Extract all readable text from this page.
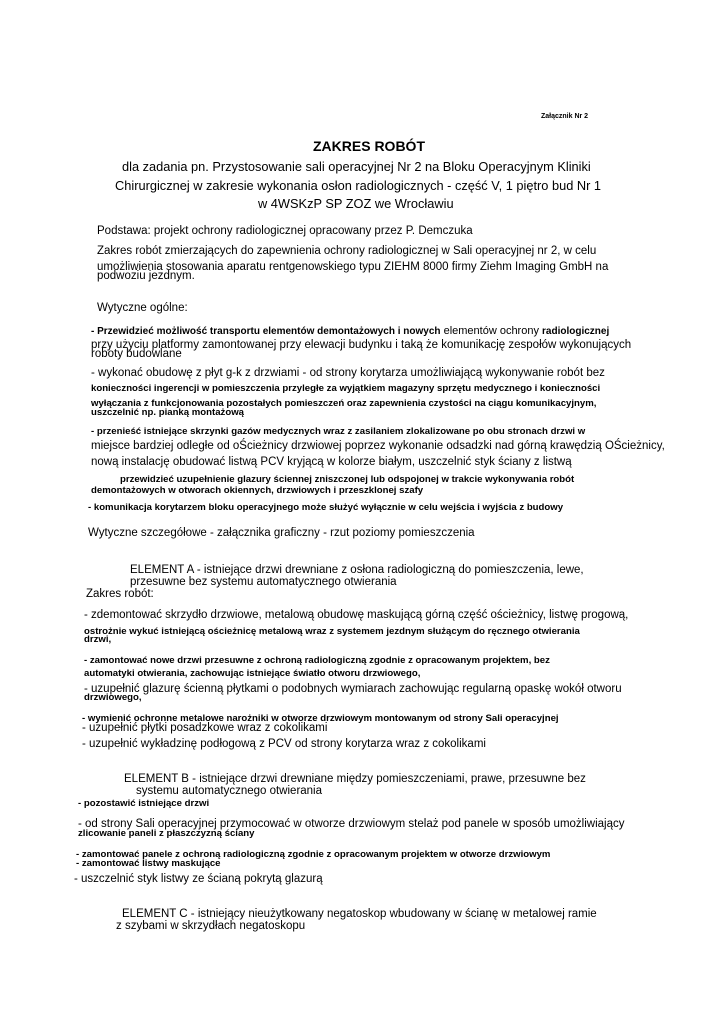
Załącznik Nr 2
ZAKRES ROBÓT
dla zadania pn. Przystosowanie sali operacyjnej Nr 2 na Bloku Operacyjnym Kliniki
Chirurgicznej w zakresie wykonania osłon radiologicznych - część V, 1 piętro bud Nr 1
w 4WSKzP SP ZOZ we Wrocławiu
Podstawa: projekt ochrony radiologicznej opracowany przez P. Demczuka
Zakres robót zmierzających do zapewnienia ochrony radiologicznej w Sali operacyjnej nr 2, w celu
umożliwienia stosowania aparatu rentgenowskiego typu ZIEHM 8000 firmy Ziehm Imaging GmbH na
podwoziu jezdnym.
Wytyczne ogólne:
- Przewidzieć możliwość transportu elementów demontażowych i nowych elementów ochrony radiologicznej
przy użyciu platformy zamontowanej przy elewacji budynku i taką że komunikację zespołów wykonujących
roboty budowlane
- wykonać obudowę z płyt g-k z drzwiami - od strony korytarza umożliwiającą wykonywanie robót bez
konieczności ingerencji w pomieszczenia przyległe za wyjątkiem magazyny sprzętu medycznego i konieczności
wyłączania z funkcjonowania pozostałych pomieszczeń oraz zapewnienia czystości na ciągu komunikacyjnym,
uszczelnić np. pianką montażową
- przenieść istniejące skrzynki gazów medycznych wraz z zasilaniem zlokalizowane po obu stronach drzwi w
miejsce bardziej odległe od oŚcieżnicy drzwiowej poprzez wykonanie odsadzki nad górną krawędzią OŚcieżnicy,
nową instalację obudować listwą PCV kryjącą w kolorze białym, uszczelnić styk ściany z listwą
przewidzieć uzupełnienie glazury ściennej zniszczonej lub odspojonej w trakcie wykonywania robót
demontażowych w otworach okiennych, drzwiowych i przeszklonej szafy
- komunikacja korytarzem bloku operacyjnego może służyć wyłącznie w celu wejścia i wyjścia z budowy
Wytyczne szczegółowe - załącznika graficzny - rzut poziomy pomieszczenia
ELEMENT A - istniejące drzwi drewniane z osłona radiologiczną do pomieszczenia, lewe,
przesuwne bez systemu automatycznego otwierania
Zakres robót:
- zdemontować skrzydło drzwiowe, metalową obudowę maskującą górną część ościeżnicy, listwę progową,
ostrożnie wykuć istniejącą ościeżnicę metalową wraz z systemem jezdnym służącym do ręcznego otwierania
drzwi,
- zamontować nowe drzwi przesuwne z ochroną radiologiczną zgodnie z opracowanym projektem, bez
automatyki otwierania, zachowując istniejące światło otworu drzwiowego,
- uzupełnić glazurę ścienną płytkami o podobnych wymiarach zachowując regularną opaskę wokół otworu
drzwiowego,
- wymienić ochronne metalowe narożniki w otworze drzwiowym montowanym od strony Sali operacyjnej
- uzupełnić płytki posadzkowe wraz z cokolikami
- uzupełnić wykładzinę podłogową z PCV od strony korytarza wraz z cokolikami
ELEMENT B - istniejące drzwi drewniane między pomieszczeniami, prawe, przesuwne bez
systemu automatycznego otwierania
- pozostawić istniejące drzwi
- od strony Sali operacyjnej przymocować w otworze drzwiowym stelaż pod panele w sposób umożliwiający
zlicowanie paneli z płaszczyzną ściany
- zamontować panele z ochroną radiologiczną zgodnie z opracowanym projektem w otworze drzwiowym
- zamontować listwy maskujące
- uszczelnić styk listwy ze ścianą pokrytą glazurą
ELEMENT C - istniejący nieużytkowany negatoskop wbudowany w ścianę w metalowej ramie
z szybami w skrzydłach negatoskopu
